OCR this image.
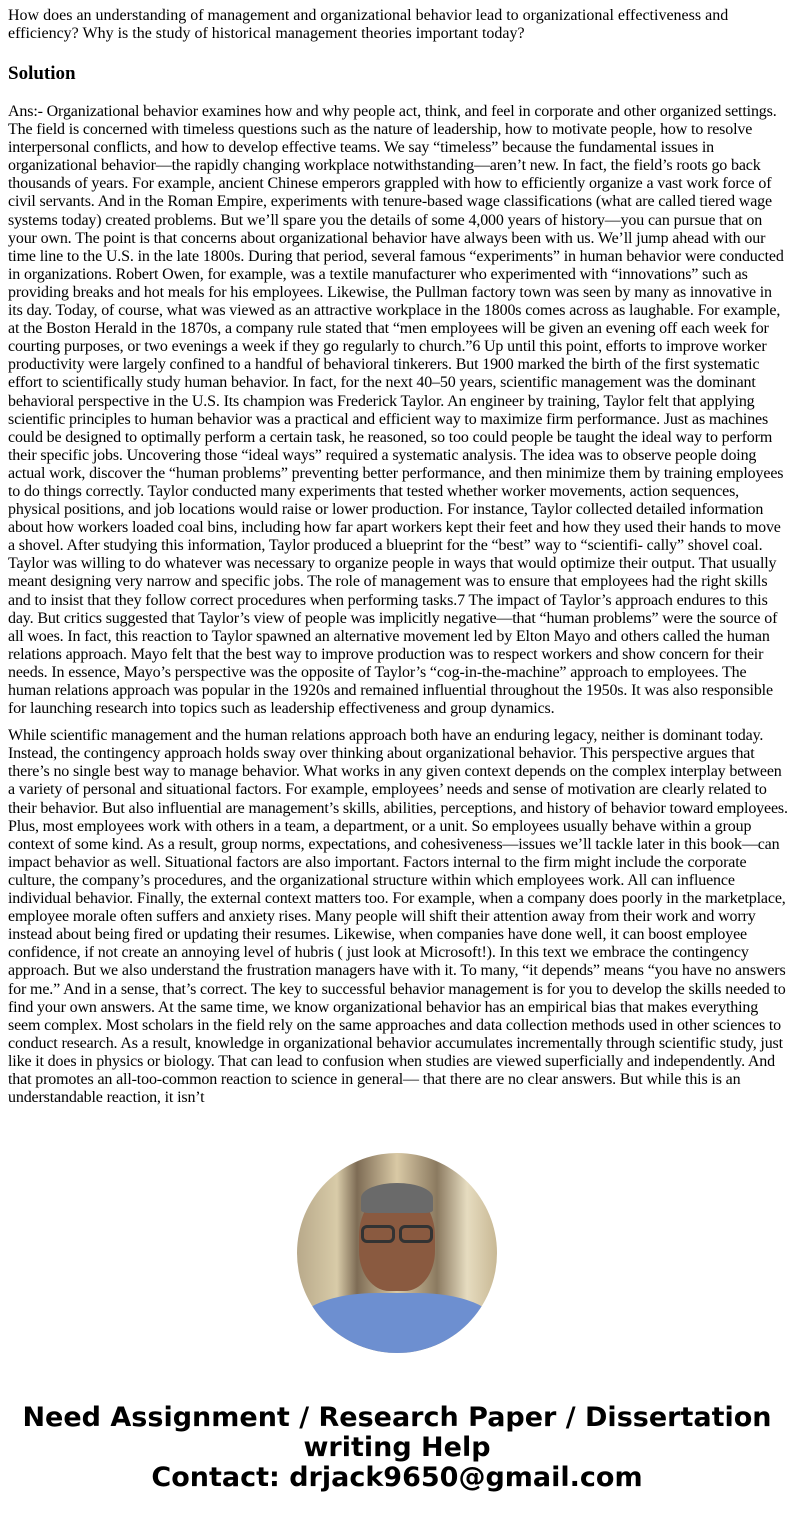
How does an understanding of management and organizational behavior lead to organizational effectiveness and efficiency? Why is the study of historical management theories important today?

Solution

Ans:- Organizational behavior examines how and why people act, think, and feel in corporate and other organized settings. The field is concerned with timeless questions such as the nature of leadership, how to motivate people, how to resolve interpersonal conflicts, and how to develop effective teams. We say “timeless” because the fundamental issues in organizational behavior—the rapidly changing workplace notwithstanding—aren’t new. In fact, the field’s roots go back thousands of years. For example, ancient Chinese emperors grappled with how to efficiently organize a vast work force of civil servants. And in the Roman Empire, experiments with tenure-based wage classifications (what are called tiered wage systems today) created problems. But we’ll spare you the details of some 4,000 years of history—you can pursue that on your own. The point is that concerns about organizational behavior have always been with us. We’ll jump ahead with our time line to the U.S. in the late 1800s. During that period, several famous “experiments” in human behavior were conducted in organizations. Robert Owen, for example, was a textile manufacturer who experimented with “innovations” such as providing breaks and hot meals for his employees. Likewise, the Pullman factory town was seen by many as innovative in its day. Today, of course, what was viewed as an attractive workplace in the 1800s comes across as laughable. For example, at the Boston Herald in the 1870s, a company rule stated that “men employees will be given an evening off each week for courting purposes, or two evenings a week if they go regularly to church.”6 Up until this point, efforts to improve worker productivity were largely confined to a handful of behavioral tinkerers. But 1900 marked the birth of the first systematic effort to scientifically study human behavior. In fact, for the next 40–50 years, scientific management was the dominant behavioral perspective in the U.S. Its champion was Frederick Taylor. An engineer by training, Taylor felt that applying scientific principles to human behavior was a practical and efficient way to maximize firm performance. Just as machines could be designed to optimally perform a certain task, he reasoned, so too could people be taught the ideal way to perform their specific jobs. Uncovering those “ideal ways” required a systematic analysis. The idea was to observe people doing actual work, discover the “human problems” preventing better performance, and then minimize them by training employees to do things correctly. Taylor conducted many experiments that tested whether worker movements, action sequences, physical positions, and job locations would raise or lower production. For instance, Taylor collected detailed information about how workers loaded coal bins, including how far apart workers kept their feet and how they used their hands to move a shovel. After studying this information, Taylor produced a blueprint for the “best” way to “scientifi- cally” shovel coal. Taylor was willing to do whatever was necessary to organize people in ways that would optimize their output. That usually meant designing very narrow and specific jobs. The role of management was to ensure that employees had the right skills and to insist that they follow correct procedures when performing tasks.7 The impact of Taylor’s approach endures to this day. But critics suggested that Taylor’s view of people was implicitly negative—that “human problems” were the source of all woes. In fact, this reaction to Taylor spawned an alternative movement led by Elton Mayo and others called the human relations approach. Mayo felt that the best way to improve production was to respect workers and show concern for their needs. In essence, Mayo’s perspective was the opposite of Taylor’s “cog-in-the-machine” approach to employees. The human relations approach was popular in the 1920s and remained influential throughout the 1950s. It was also responsible for launching research into topics such as leadership effectiveness and group dynamics.

While scientific management and the human relations approach both have an enduring legacy, neither is dominant today. Instead, the contingency approach holds sway over thinking about organizational behavior. This perspective argues that there’s no single best way to manage behavior. What works in any given context depends on the complex interplay between a variety of personal and situational factors. For example, employees’ needs and sense of motivation are clearly related to their behavior. But also influential are management’s skills, abilities, perceptions, and history of behavior toward employees. Plus, most employees work with others in a team, a department, or a unit. So employees usually behave within a group context of some kind. As a result, group norms, expectations, and cohesiveness—issues we’ll tackle later in this book—can impact behavior as well. Situational factors are also important. Factors internal to the firm might include the corporate culture, the company’s procedures, and the organizational structure within which employees work. All can influence individual behavior. Finally, the external context matters too. For example, when a company does poorly in the marketplace, employee morale often suffers and anxiety rises. Many people will shift their attention away from their work and worry instead about being fired or updating their resumes. Likewise, when companies have done well, it can boost employee confidence, if not create an annoying level of hubris ( just look at Microsoft!). In this text we embrace the contingency approach. But we also understand the frustration managers have with it. To many, “it depends” means “you have no answers for me.” And in a sense, that’s correct. The key to successful behavior management is for you to develop the skills needed to find your own answers. At the same time, we know organizational behavior has an empirical bias that makes everything seem complex. Most scholars in the field rely on the same approaches and data collection methods used in other sciences to conduct research. As a result, knowledge in organizational behavior accumulates incrementally through scientific study, just like it does in physics or biology. That can lead to confusion when studies are viewed superficially and independently. And that promotes an all-too-common reaction to science in general— that there are no clear answers. But while this is an understandable reaction, it isn’t

Need Assignment / Research Paper / Dissertation writing Help
Contact: drjack9650@gmail.com
